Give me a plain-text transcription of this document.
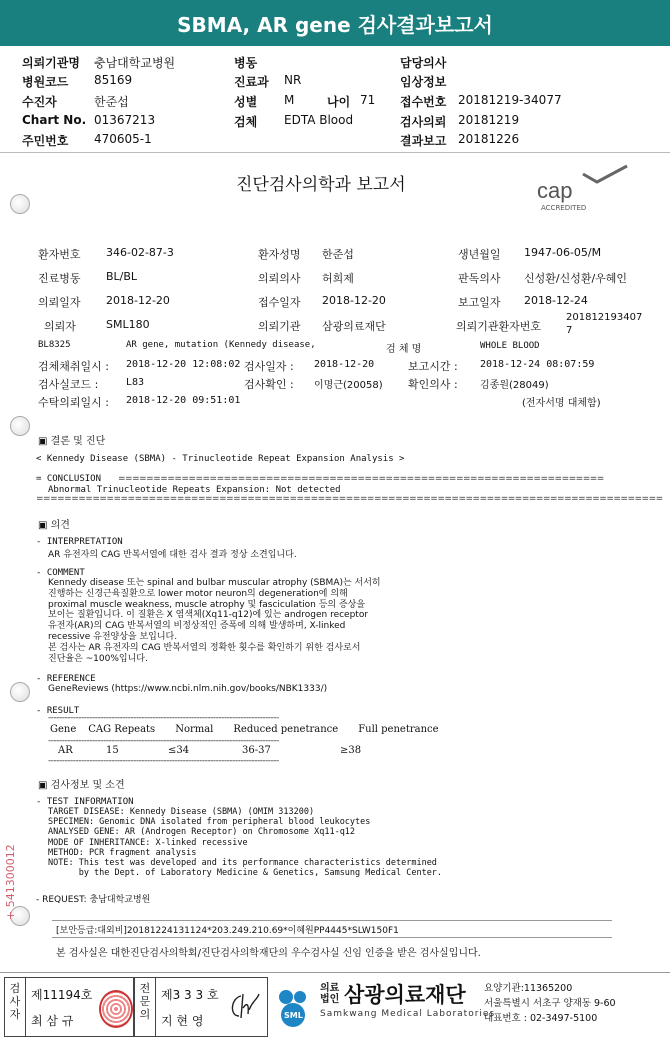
SBMA, AR gene 검사결과보고서
의뢰기관명 충남대학교병원
병원코드 85169
수진자	한준섭
Chart No. 01367213
주민번호 470605-1
병동
진료과 NR
성별 M	나이 71
검체 EDTA Blood
담당의사
임상정보
접수번호 20181219-34077
검사의뢰 20181219
결과보고 20181226
진단검사의학과 보고서	cap
ACCREDITED
환자번호 346-02-87-3	환자성명 한준섭	생년월일 1947-06-05/M
진료병동 BL/BL	의뢰의사 허희제	판독의사 신성환/신성환/우혜인
의뢰일자 2018-12-20	접수일자 2018-12-20	보고일자 2018-12-24
의뢰자	SML180	의뢰기관 삼광의료재단	의뢰기관환자번호
201812193407
7
BL8325	AR gene, mutation (Kennedy disease,	검 체 명	WHOLE BLOOD
검체채취일시 : 2018-12-20 12:08:02 검사일자 : 2018-12-20	보고시간 : 2018-12-24 08:07:59
검사실코드 :	L83	검사확인 : 이명근(20058) 확인의사 : 김종원(28049)
수탁의뢰일시 : 2018-12-20 09:51:01	(전자서명 대체함)
▣ 결론 및 진단
< Kennedy Disease (SBMA) - Trinucleotide Repeat Expansion Analysis >
= CONCLUSION =====================================================================
Abnormal Trinucleotide Repeats Expansion: Not detected
=========================================================================================
▣ 의견
- INTERPRETATION
AR 유전자의 CAG 반복서열에 대한 검사 결과 정상 소견입니다.
- COMMENT
Kennedy disease 또는 spinal and bulbar muscular atrophy (SBMA)는 서서히
진행하는 신경근육질환으로 lower motor neuron의 degeneration에 의해
proximal muscle weakness, muscle atrophy 및 fasciculation 등의 증상을
보이는 질환입니다. 이 질환은 X 염색체(Xq11-q12)에 있는 androgen receptor
유전자(AR)의 CAG 반복서열의 비정상적인 증폭에 의해 발생하며, X-linked
recessive 유전양상을 보입니다.
본 검사는 AR 유전자의 CAG 반복서열의 정확한 횟수를 확인하기 위한 검사로서
진단율은 ~100%입니다.
- REFERENCE
GeneReviews (https://www.ncbi.nlm.nih.gov/books/NBK1333/)
- RESULT
------------------------------------------------------------------------------------
Gene	CAG Repeats	Normal	Reduced penetrance	Full penetrance
------------------------------------------------------------------------------------
AR	15	≤34	36-37	≥38
------------------------------------------------------------------------------------
▣ 검사정보 및 소견
- TEST INFORMATION
TARGET DISEASE: Kennedy Disease (SBMA) (OMIM 313200)
SPECIMEN: Genomic DNA isolated from peripheral blood leukocytes
ANALYSED GENE: AR (Androgen Receptor) on Chromosome Xq11-q12
MODE OF INHERITANCE: X-linked recessive
METHOD: PCR fragment analysis
NOTE: This test was developed and its performance characteristics determined
by the Dept. of Laboratory Medicine & Genetics, Samsung Medical Center.
- REQUEST: 충남대학교병원
+ 541300012
[보안등급:대외비]20181224131124*203.249.210.69*이혜원PP4445*SLW150F1
본 검사실은 대한진단검사의학회/진단검사의학재단의 우수검사실 신임 인증을 받은 검사실입니다.
검
사
자
제11194호
최 삼 규
전
문
의
제3 3 3 호
지 현 영	SML
의료
법인 삼광의료재단
Samkwang Medical Laboratories
요양기관:11365200
서울특별시 서초구 양재동 9-60
대표번호 : 02-3497-5100
